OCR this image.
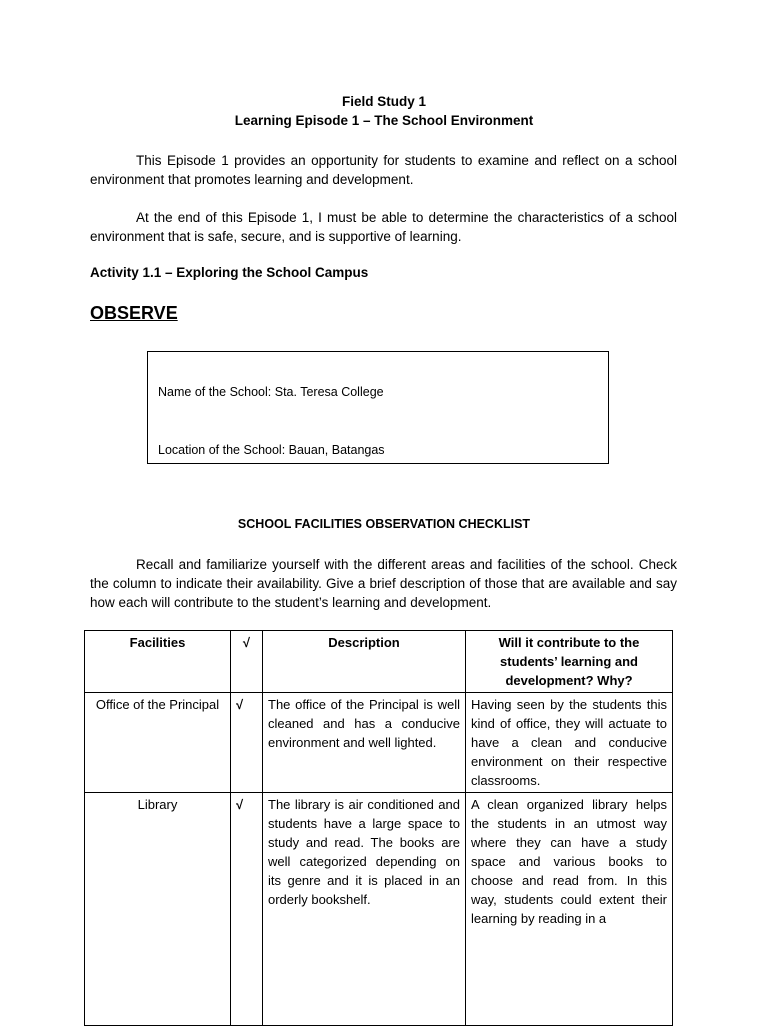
Field Study 1
Learning Episode 1 – The School Environment
This Episode 1 provides an opportunity for students to examine and reflect on a school environment that promotes learning and development.
At the end of this Episode 1, I must be able to determine the characteristics of a school environment that is safe, secure, and is supportive of learning.
Activity 1.1 – Exploring the School Campus
OBSERVE
Name of the School: Sta. Teresa College
Location of the School: Bauan, Batangas
SCHOOL FACILITIES OBSERVATION CHECKLIST
Recall and familiarize yourself with the different areas and facilities of the school. Check the column to indicate their availability. Give a brief description of those that are available and say how each will contribute to the student’s learning and development.
Facilities	√	Description	Will it contribute to the students’ learning and development? Why?
Office of the Principal	√	The office of the Principal is well cleaned and has a conducive environment and well lighted.	Having seen by the students this kind of office, they will actuate to have a clean and conducive environment on their respective classrooms.
Library	√	The library is air conditioned and students have a large space to study and read. The books are well categorized depending on its genre and it is placed in an orderly bookshelf.	A clean organized library helps the students in an utmost way where they can have a study space and various books to choose and read from. In this way, students could extent their learning by reading in a
